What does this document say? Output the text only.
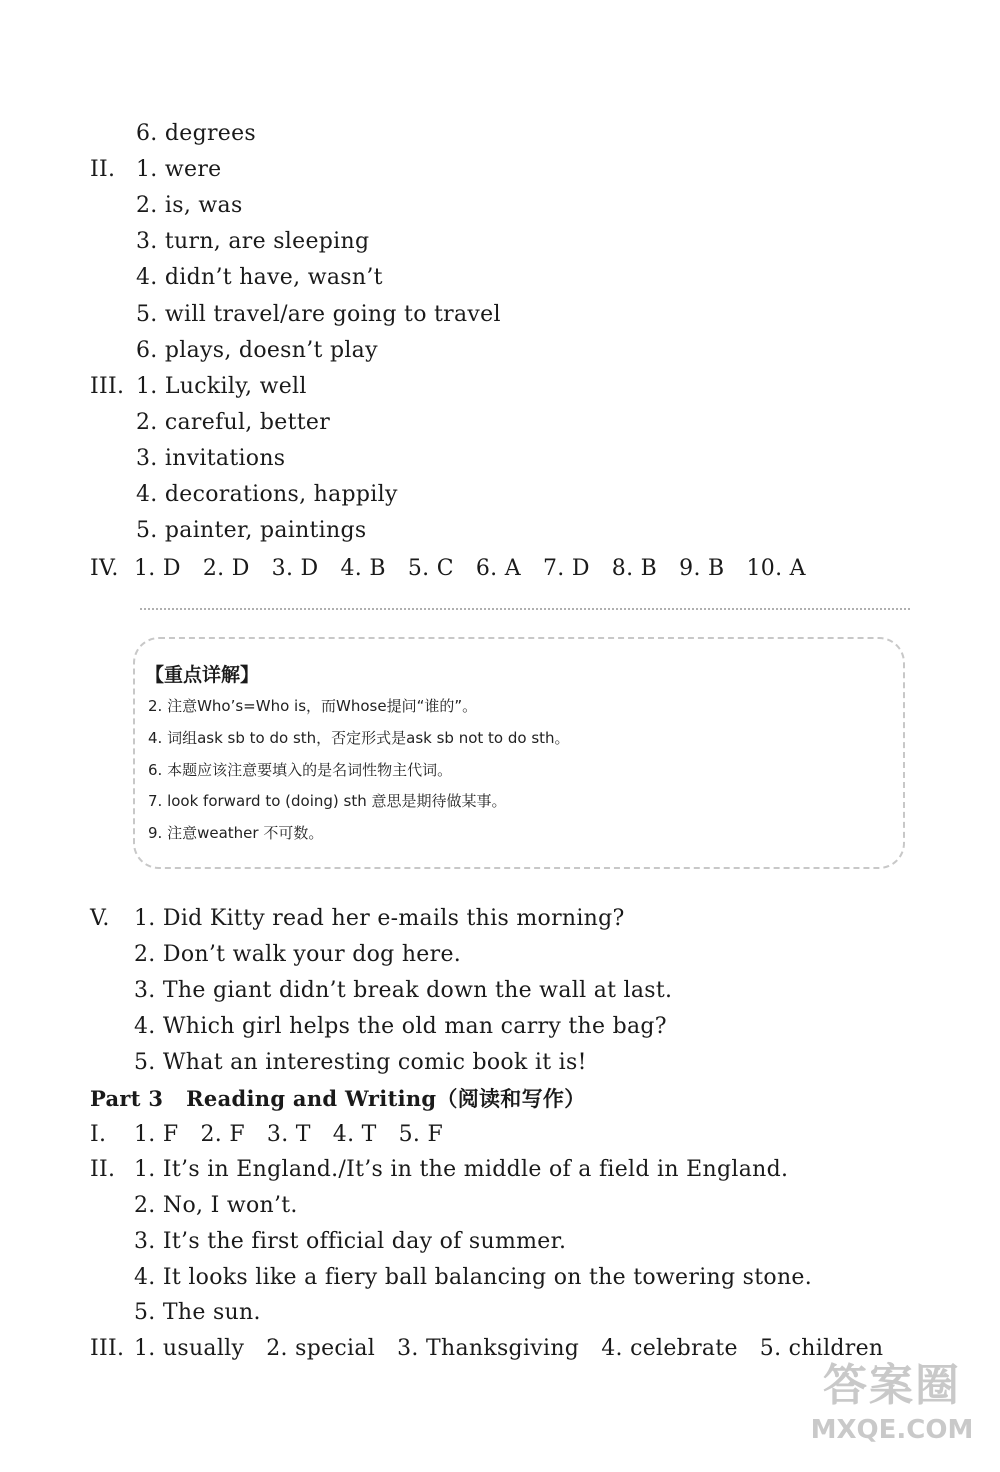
6. degrees
II. 1. were
2. is, was
3. turn, are sleeping
4. didn’t have, wasn’t
5. will travel/are going to travel
6. plays, doesn’t play
III. 1. Luckily, well
2. careful, better
3. invitations
4. decorations, happily
5. painter, paintings
IV. 1. D 2. D 3. D 4. B 5. C 6. A 7. D 8. B 9. B 10. A
【重点详解】
2. 注意Who’s=Who is，而Whose提问“谁的”。
4. 词组ask sb to do sth，否定形式是ask sb not to do sth。
6. 本题应该注意要填入的是名词性物主代词。
7. look forward to (doing) sth 意思是期待做某事。
9. 注意weather 不可数。
V. 1. Did Kitty read her e-mails this morning?
2. Don’t walk your dog here.
3. The giant didn’t break down the wall at last.
4. Which girl helps the old man carry the bag?
5. What an interesting comic book it is!
Part 3 Reading and Writing（阅读和写作）
I. 1. F 2. F 3. T 4. T 5. F
II. 1. It’s in England./It’s in the middle of a field in England.
2. No, I won’t.
3. It’s the first official day of summer.
4. It looks like a fiery ball balancing on the towering stone.
5. The sun.
III. 1. usually 2. special 3. Thanksgiving 4. celebrate 5. children
答案圈
MXQE.COM
